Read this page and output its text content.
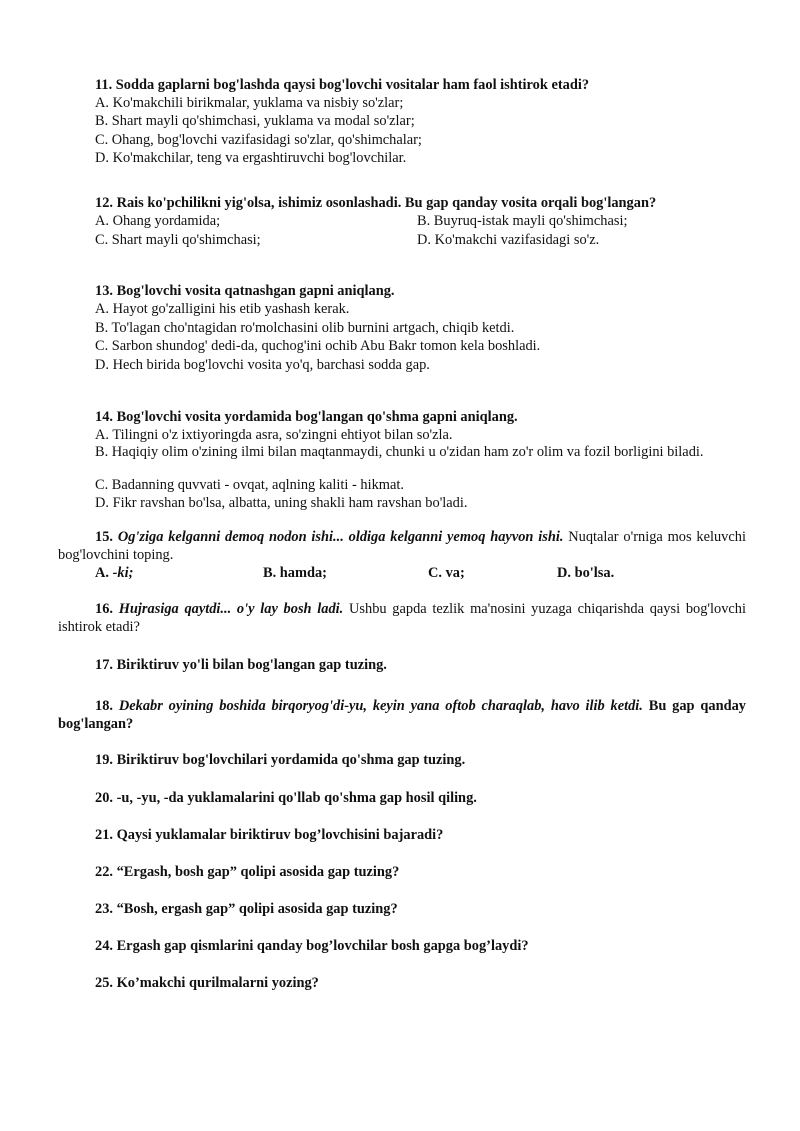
11. Sodda gaplarni bog'lashda qaysi bog'lovchi vositalar ham faol ishtirok etadi?
A. Ko'makchili birikmalar, yuklama va nisbiy so'zlar;
B. Shart mayli qo'shimchasi, yuklama va modal so'zlar;
C. Ohang, bog'lovchi vazifasidagi so'zlar, qo'shimchalar;
D. Ko'makchilar, teng va ergashtiruvchi bog'lovchilar.
12. Rais ko'pchilikni yig'olsa, ishimiz osonlashadi. Bu gap qanday vosita orqali bog'langan?
A. Ohang yordamida;	B. Buyruq-istak mayli qo'shimchasi;
C. Shart mayli qo'shimchasi;	D. Ko'makchi vazifasidagi so'z.
13. Bog'lovchi vosita qatnashgan gapni aniqlang.
A. Hayot go'zalligini his etib yashash kerak.
B. To'lagan cho'ntagidan ro'molchasini olib burnini artgach, chiqib ketdi.
C. Sarbon shundog' dedi-da, quchog'ini ochib Abu Bakr tomon kela boshladi.
D. Hech birida bog'lovchi vosita yo'q, barchasi sodda gap.
14. Bog'lovchi vosita yordamida bog'langan qo'shma gapni aniqlang.
A. Tilingni o'z ixtiyoringda asra, so'zingni ehtiyot bilan so'zla.
B. Haqiqiy olim o'zining ilmi bilan maqtanmaydi, chunki u o'zidan ham zo'r olim va fozil borligini biladi.
C. Badanning quvvati - ovqat, aqlning kaliti - hikmat.
D. Fikr ravshan bo'lsa, albatta, uning shakli ham ravshan bo'ladi.
15. Og'ziga kelganni demoq nodon ishi... oldiga kelganni yemoq hayvon ishi. Nuqtalar o'rniga mos keluvchi bog'lovchini toping.
A. -ki;	B. hamda;	C. va;	D. bo'lsa.
16. Hujrasiga qaytdi... o'y lay bosh ladi. Ushbu gapda tezlik ma'nosini yuzaga chiqarishda qaysi bog'lovchi ishtirok etadi?
17. Biriktiruv yo'li bilan bog'langan gap tuzing.
18. Dekabr oyining boshida birqoryog'di-yu, keyin yana oftob charaqlab, havo ilib ketdi. Bu gap qanday bog'langan?
19. Biriktiruv bog'lovchilari yordamida qo'shma gap tuzing.
20. -u, -yu, -da yuklamalarini qo'llab qo'shma gap hosil qiling.
21. Qaysi yuklamalar biriktiruv bog’lovchisini bajaradi?
22. “Ergash, bosh gap” qolipi asosida gap tuzing?
23. “Bosh, ergash gap” qolipi asosida gap tuzing?
24. Ergash gap qismlarini qanday bog’lovchilar bosh gapga bog’laydi?
25. Ko’makchi qurilmalarni yozing?
